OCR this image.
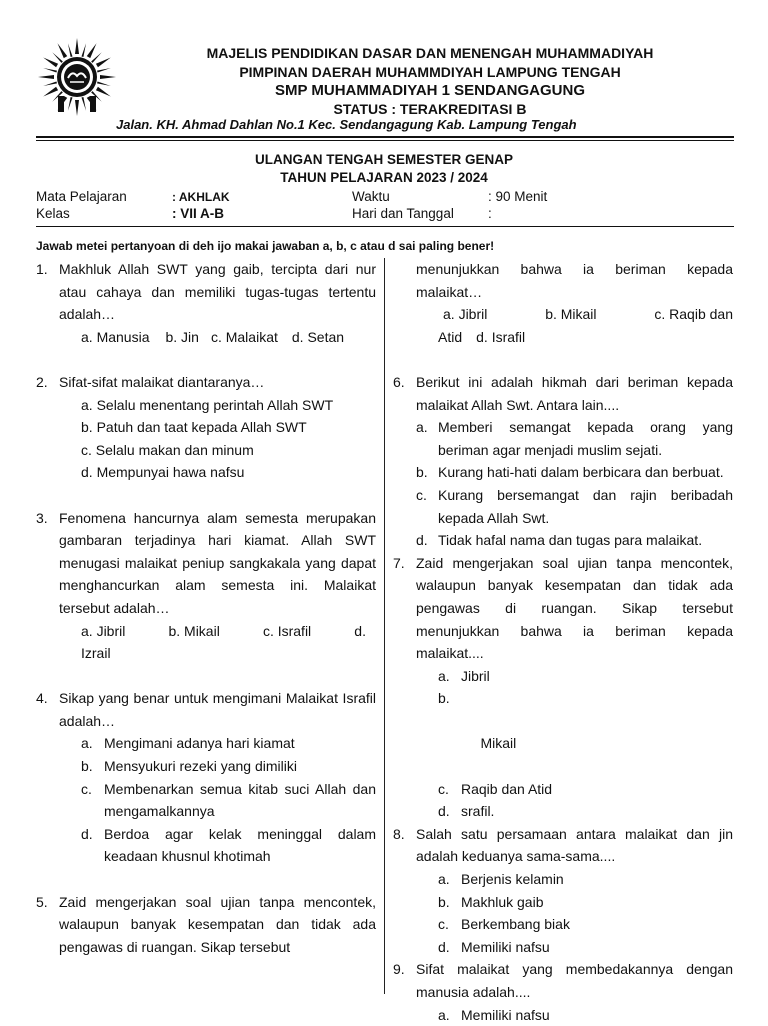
MAJELIS PENDIDIKAN DASAR DAN MENENGAH MUHAMMADIYAH
PIMPINAN DAERAH MUHAMMDIYAH LAMPUNG TENGAH
SMP MUHAMMADIYAH 1 SENDANGAGUNG
STATUS : TERAKREDITASI B
Jalan. KH. Ahmad Dahlan No.1 Kec. Sendangagung Kab. Lampung Tengah
ULANGAN TENGAH SEMESTER GENAP
TAHUN PELAJARAN 2023 / 2024
Mata Pelajaran	: AKHLAK	Waktu	: 90 Menit
Kelas	: VII A-B	Hari dan Tanggal	:
Jawab metei pertanyoan di deh ijo makai jawaban a, b, c atau d sai paling bener!
1. Makhluk Allah SWT yang gaib, tercipta dari nur atau cahaya dan memiliki tugas-tugas tertentu adalah…
a. Manusia b. Jin c. Malaikat d. Setan
2. Sifat-sifat malaikat diantaranya…
a. Selalu menentang perintah Allah SWT
b. Patuh dan taat kepada Allah SWT
c. Selalu makan dan minum
d. Mempunyai hawa nafsu
3. Fenomena hancurnya alam semesta merupakan gambaran terjadinya hari kiamat. Allah SWT menugasi malaikat peniup sangkakala yang dapat menghancurkan alam semesta ini. Malaikat tersebut adalah…
a. Jibril	b. Mikail	c. Israfil	d.
Izrail
4. Sikap yang benar untuk mengimani Malaikat Israfil adalah…
a. Mengimani adanya hari kiamat
b. Mensyukuri rezeki yang dimiliki
c. Membenarkan semua kitab suci Allah dan mengamalkannya
d. Berdoa agar kelak meninggal dalam keadaan khusnul khotimah
5. Zaid mengerjakan soal ujian tanpa mencontek, walaupun banyak kesempatan dan tidak ada pengawas di ruangan. Sikap tersebut
menunjukkan bahwa ia beriman kepada malaikat…
a. Jibril	b. Mikail	c. Raqib dan
Atid d. Israfil
6. Berikut ini adalah hikmah dari beriman kepada malaikat Allah Swt. Antara lain....
a. Memberi semangat kepada orang yang beriman agar menjadi muslim sejati.
b. Kurang hati-hati dalam berbicara dan berbuat.
c. Kurang bersemangat dan rajin beribadah kepada Allah Swt.
d. Tidak hafal nama dan tugas para malaikat.
7. Zaid mengerjakan soal ujian tanpa mencontek, walaupun banyak kesempatan dan tidak ada pengawas di ruangan. Sikap tersebut menunjukkan bahwa ia beriman kepada malaikat....
a. Jibril

b.

Mikail

c. Raqib dan Atid
d. srafil.
8. Salah satu persamaan antara malaikat dan jin adalah keduanya sama-sama....
a. Berjenis kelamin
b. Makhluk gaib
c. Berkembang biak
d. Memiliki nafsu
9. Sifat malaikat yang membedakannya dengan manusia adalah....
a. Memiliki nafsu
